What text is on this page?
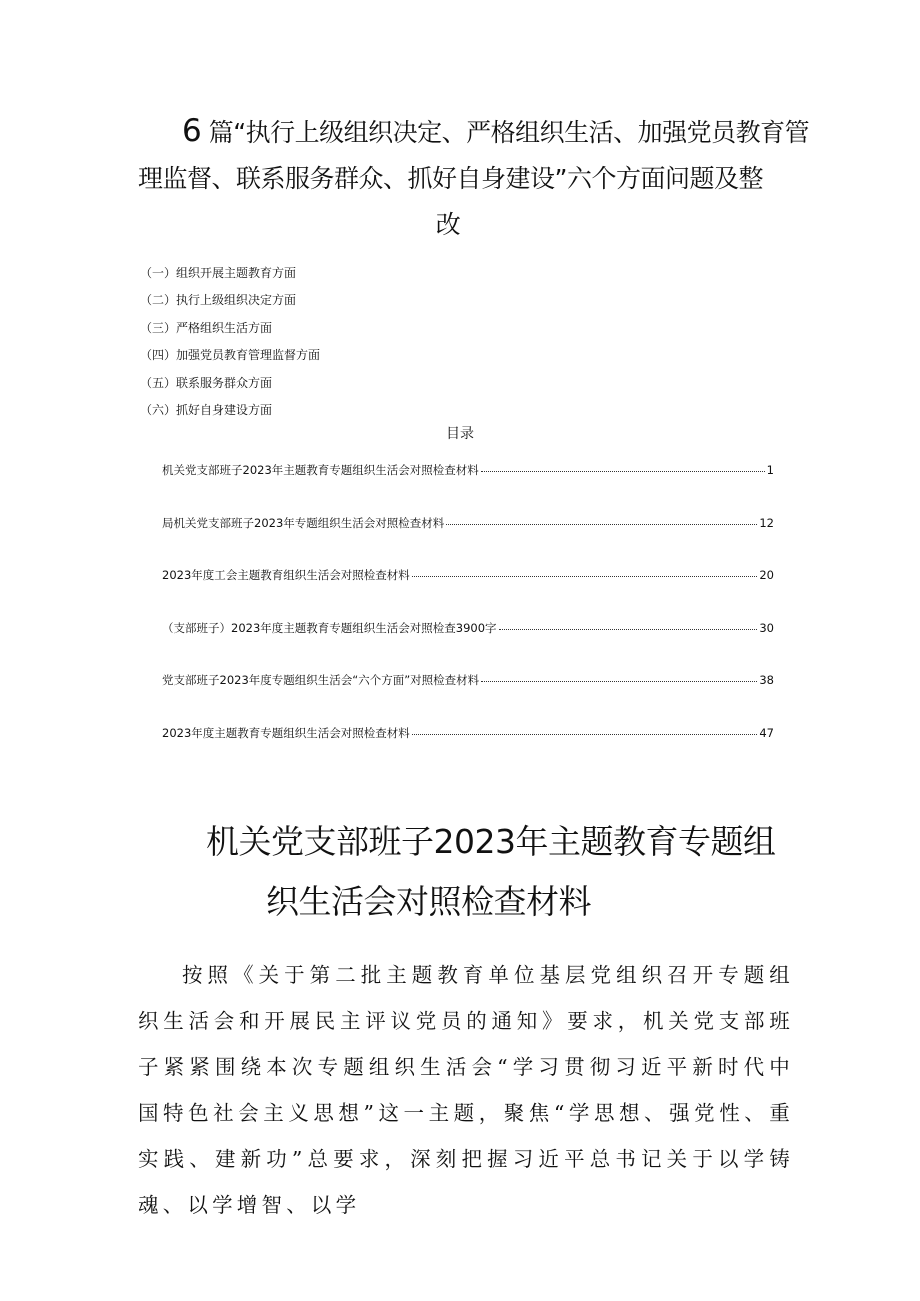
6 篇“执行上级组织决定、严格组织生活、加强党员教育管
理监督、联系服务群众、抓好自身建设”六个方面问题及整
改
（一）组织开展主题教育方面
（二）执行上级组织决定方面
（三）严格组织生活方面
（四）加强党员教育管理监督方面
（五）联系服务群众方面
（六）抓好自身建设方面
目录
机关党支部班子2023年主题教育专题组织生活会对照检查材料	1
局机关党支部班子2023年专题组织生活会对照检查材料	12
2023年度工会主题教育组织生活会对照检查材料	20
（支部班子）2023年度主题教育专题组织生活会对照检查3900字	30
党支部班子2023年度专题组织生活会“六个方面”对照检查材料	38
2023年度主题教育专题组织生活会对照检查材料	47
机关党支部班子2023年主题教育专题组
织生活会对照检查材料
按照《关于第二批主题教育单位基层党组织召开专题组织生活会和开展民主评议党员的通知》要求，机关党支部班子紧紧围绕本次专题组织生活会“学习贯彻习近平新时代中国特色社会主义思想”这一主题，聚焦“学思想、强党性、重实践、建新功”总要求，深刻把握习近平总书记关于以学铸魂、以学增智、以学
